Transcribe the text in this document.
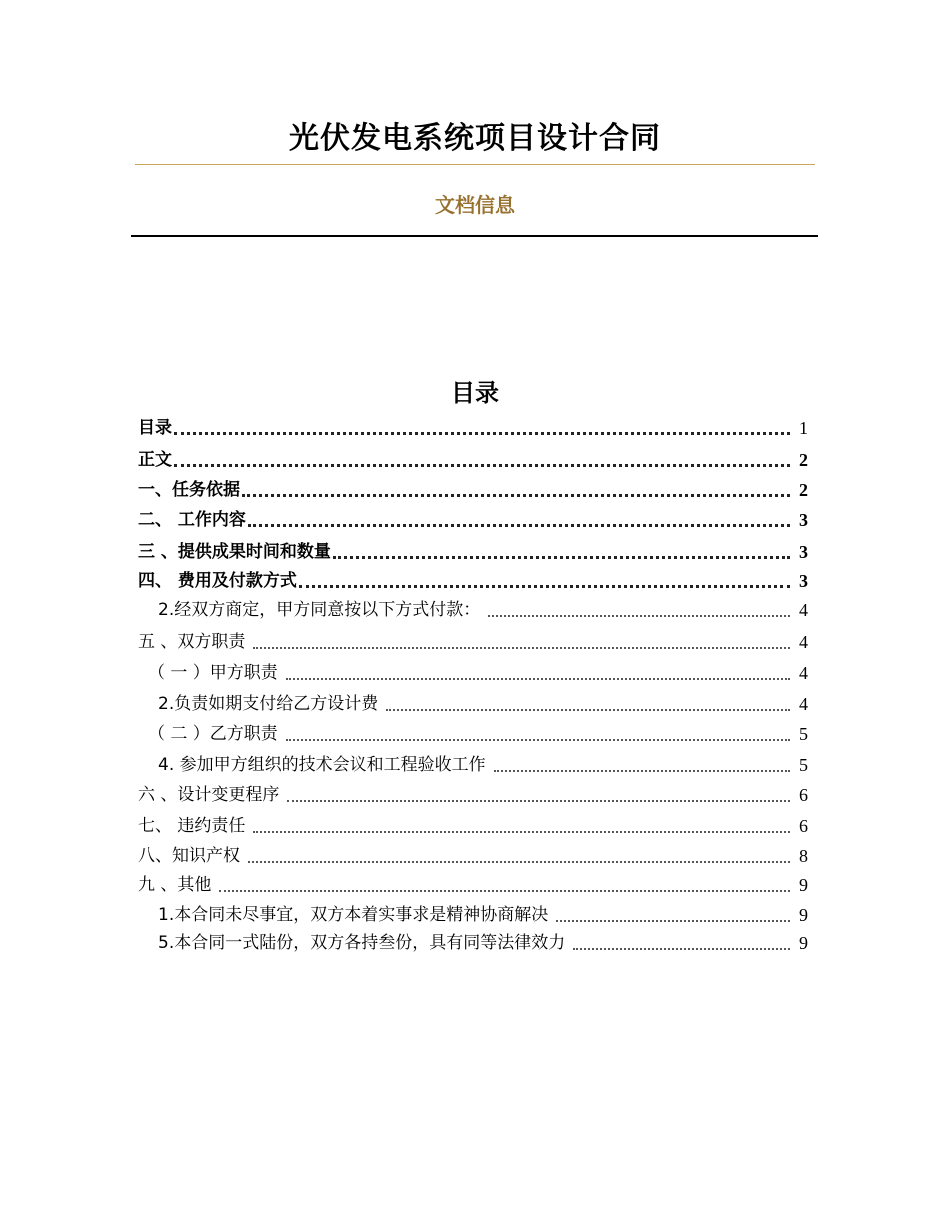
光伏发电系统项目设计合同
文档信息
目录
目录	1
正文	2
一、任务依据	2
二、 工作内容	3
三 、提供成果时间和数量	3
四、 费用及付款方式	3
2.经双方商定，甲方同意按以下方式付款：	4
五 、双方职责	4
（ 一 ）甲方职责	4
2.负责如期支付给乙方设计费	4
（ 二 ）乙方职责	5
4. 参加甲方组织的技术会议和工程验收工作	5
六 、设计变更程序	6
七、 违约责任	6
八、知识产权	8
九 、其他	9
1.本合同未尽事宜，双方本着实事求是精神协商解决	9
5.本合同一式陆份，双方各持叁份，具有同等法律效力	9
